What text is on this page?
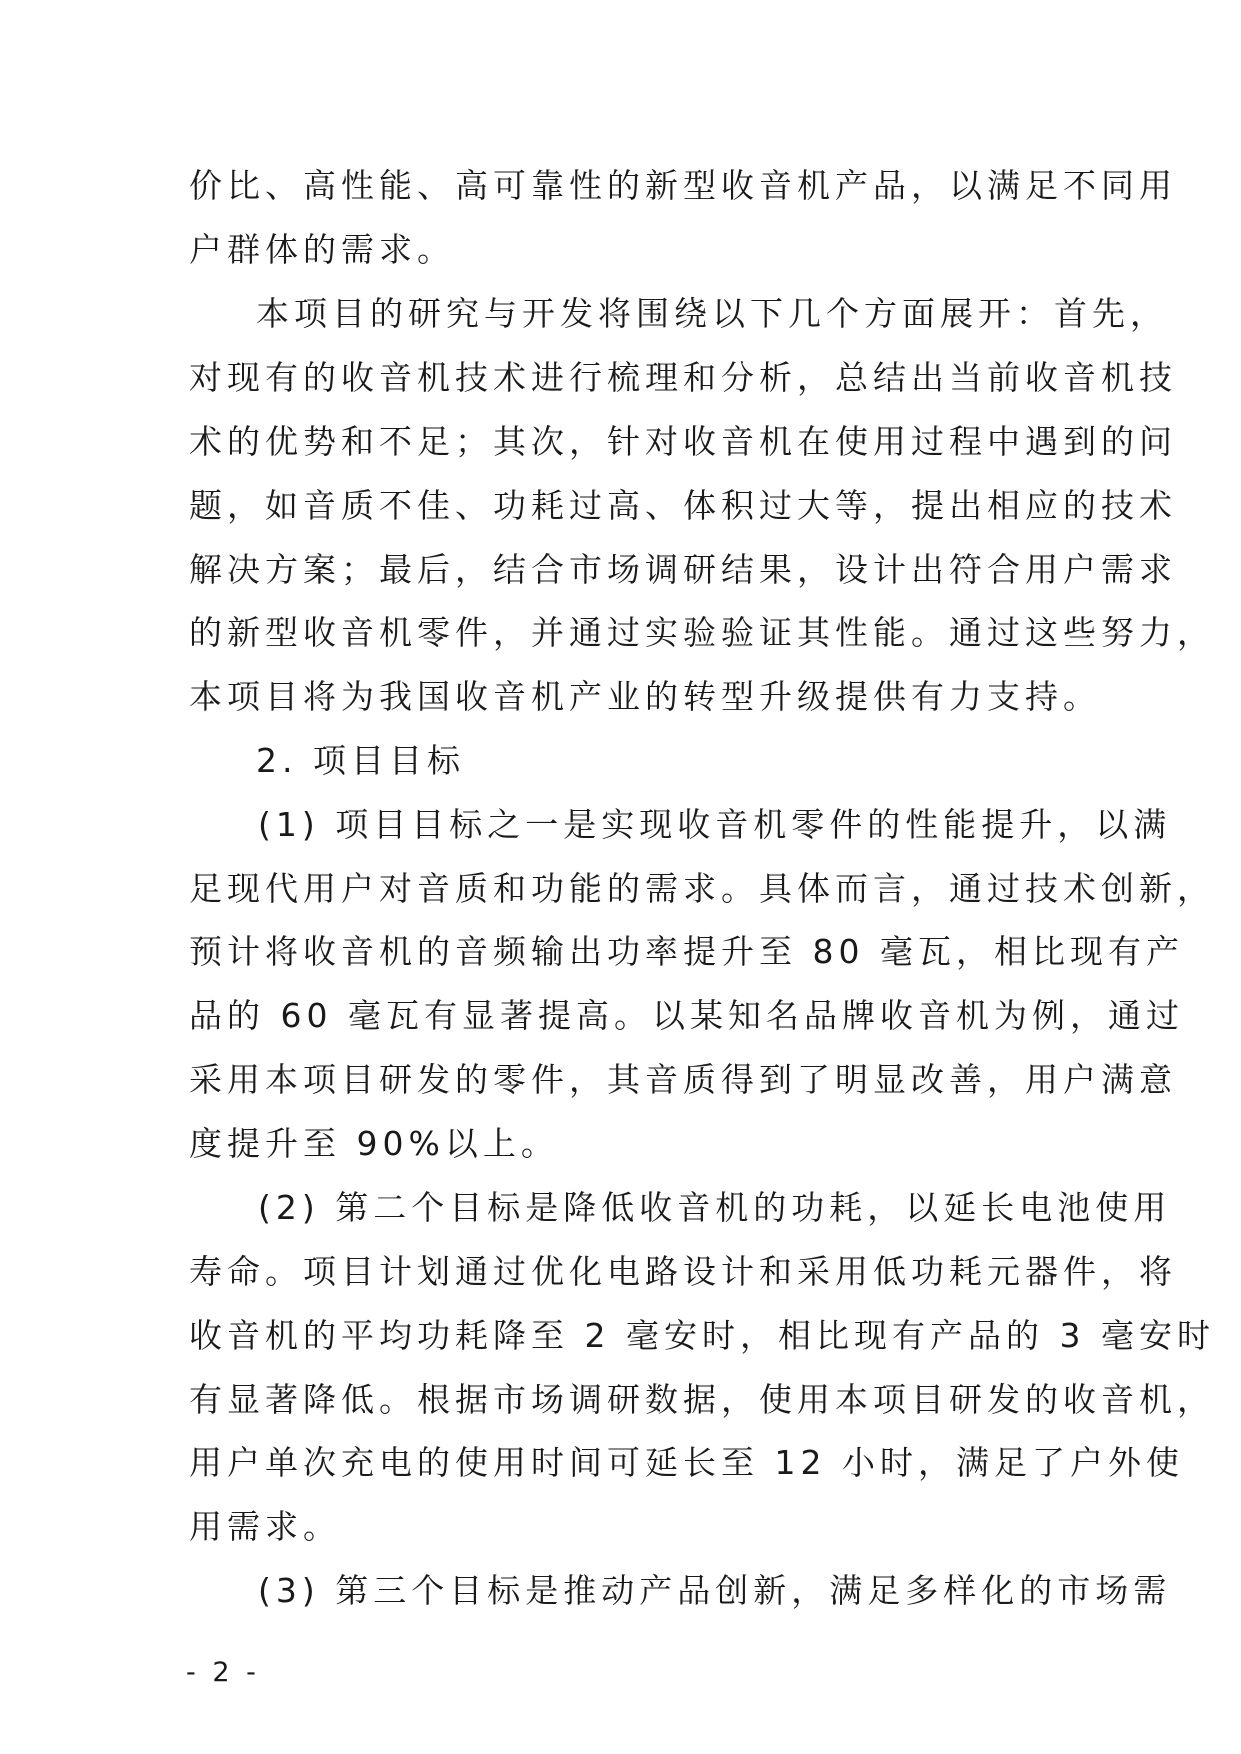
价比、高性能、高可靠性的新型收音机产品，以满足不同用
户群体的需求。
本项目的研究与开发将围绕以下几个方面展开：首先，
对现有的收音机技术进行梳理和分析，总结出当前收音机技
术的优势和不足；其次，针对收音机在使用过程中遇到的问
题，如音质不佳、功耗过高、体积过大等，提出相应的技术
解决方案；最后，结合市场调研结果，设计出符合用户需求
的新型收音机零件，并通过实验验证其性能。通过这些努力，
本项目将为我国收音机产业的转型升级提供有力支持。
2. 项目目标
(1) 项目目标之一是实现收音机零件的性能提升，以满
足现代用户对音质和功能的需求。具体而言，通过技术创新，
预计将收音机的音频输出功率提升至 80 毫瓦，相比现有产
品的 60 毫瓦有显著提高。以某知名品牌收音机为例，通过
采用本项目研发的零件，其音质得到了明显改善，用户满意
度提升至 90%以上。
(2) 第二个目标是降低收音机的功耗，以延长电池使用
寿命。项目计划通过优化电路设计和采用低功耗元器件，将
收音机的平均功耗降至 2 毫安时，相比现有产品的 3 毫安时
有显著降低。根据市场调研数据，使用本项目研发的收音机，
用户单次充电的使用时间可延长至 12 小时，满足了户外使
用需求。
(3) 第三个目标是推动产品创新，满足多样化的市场需
- 2 -
